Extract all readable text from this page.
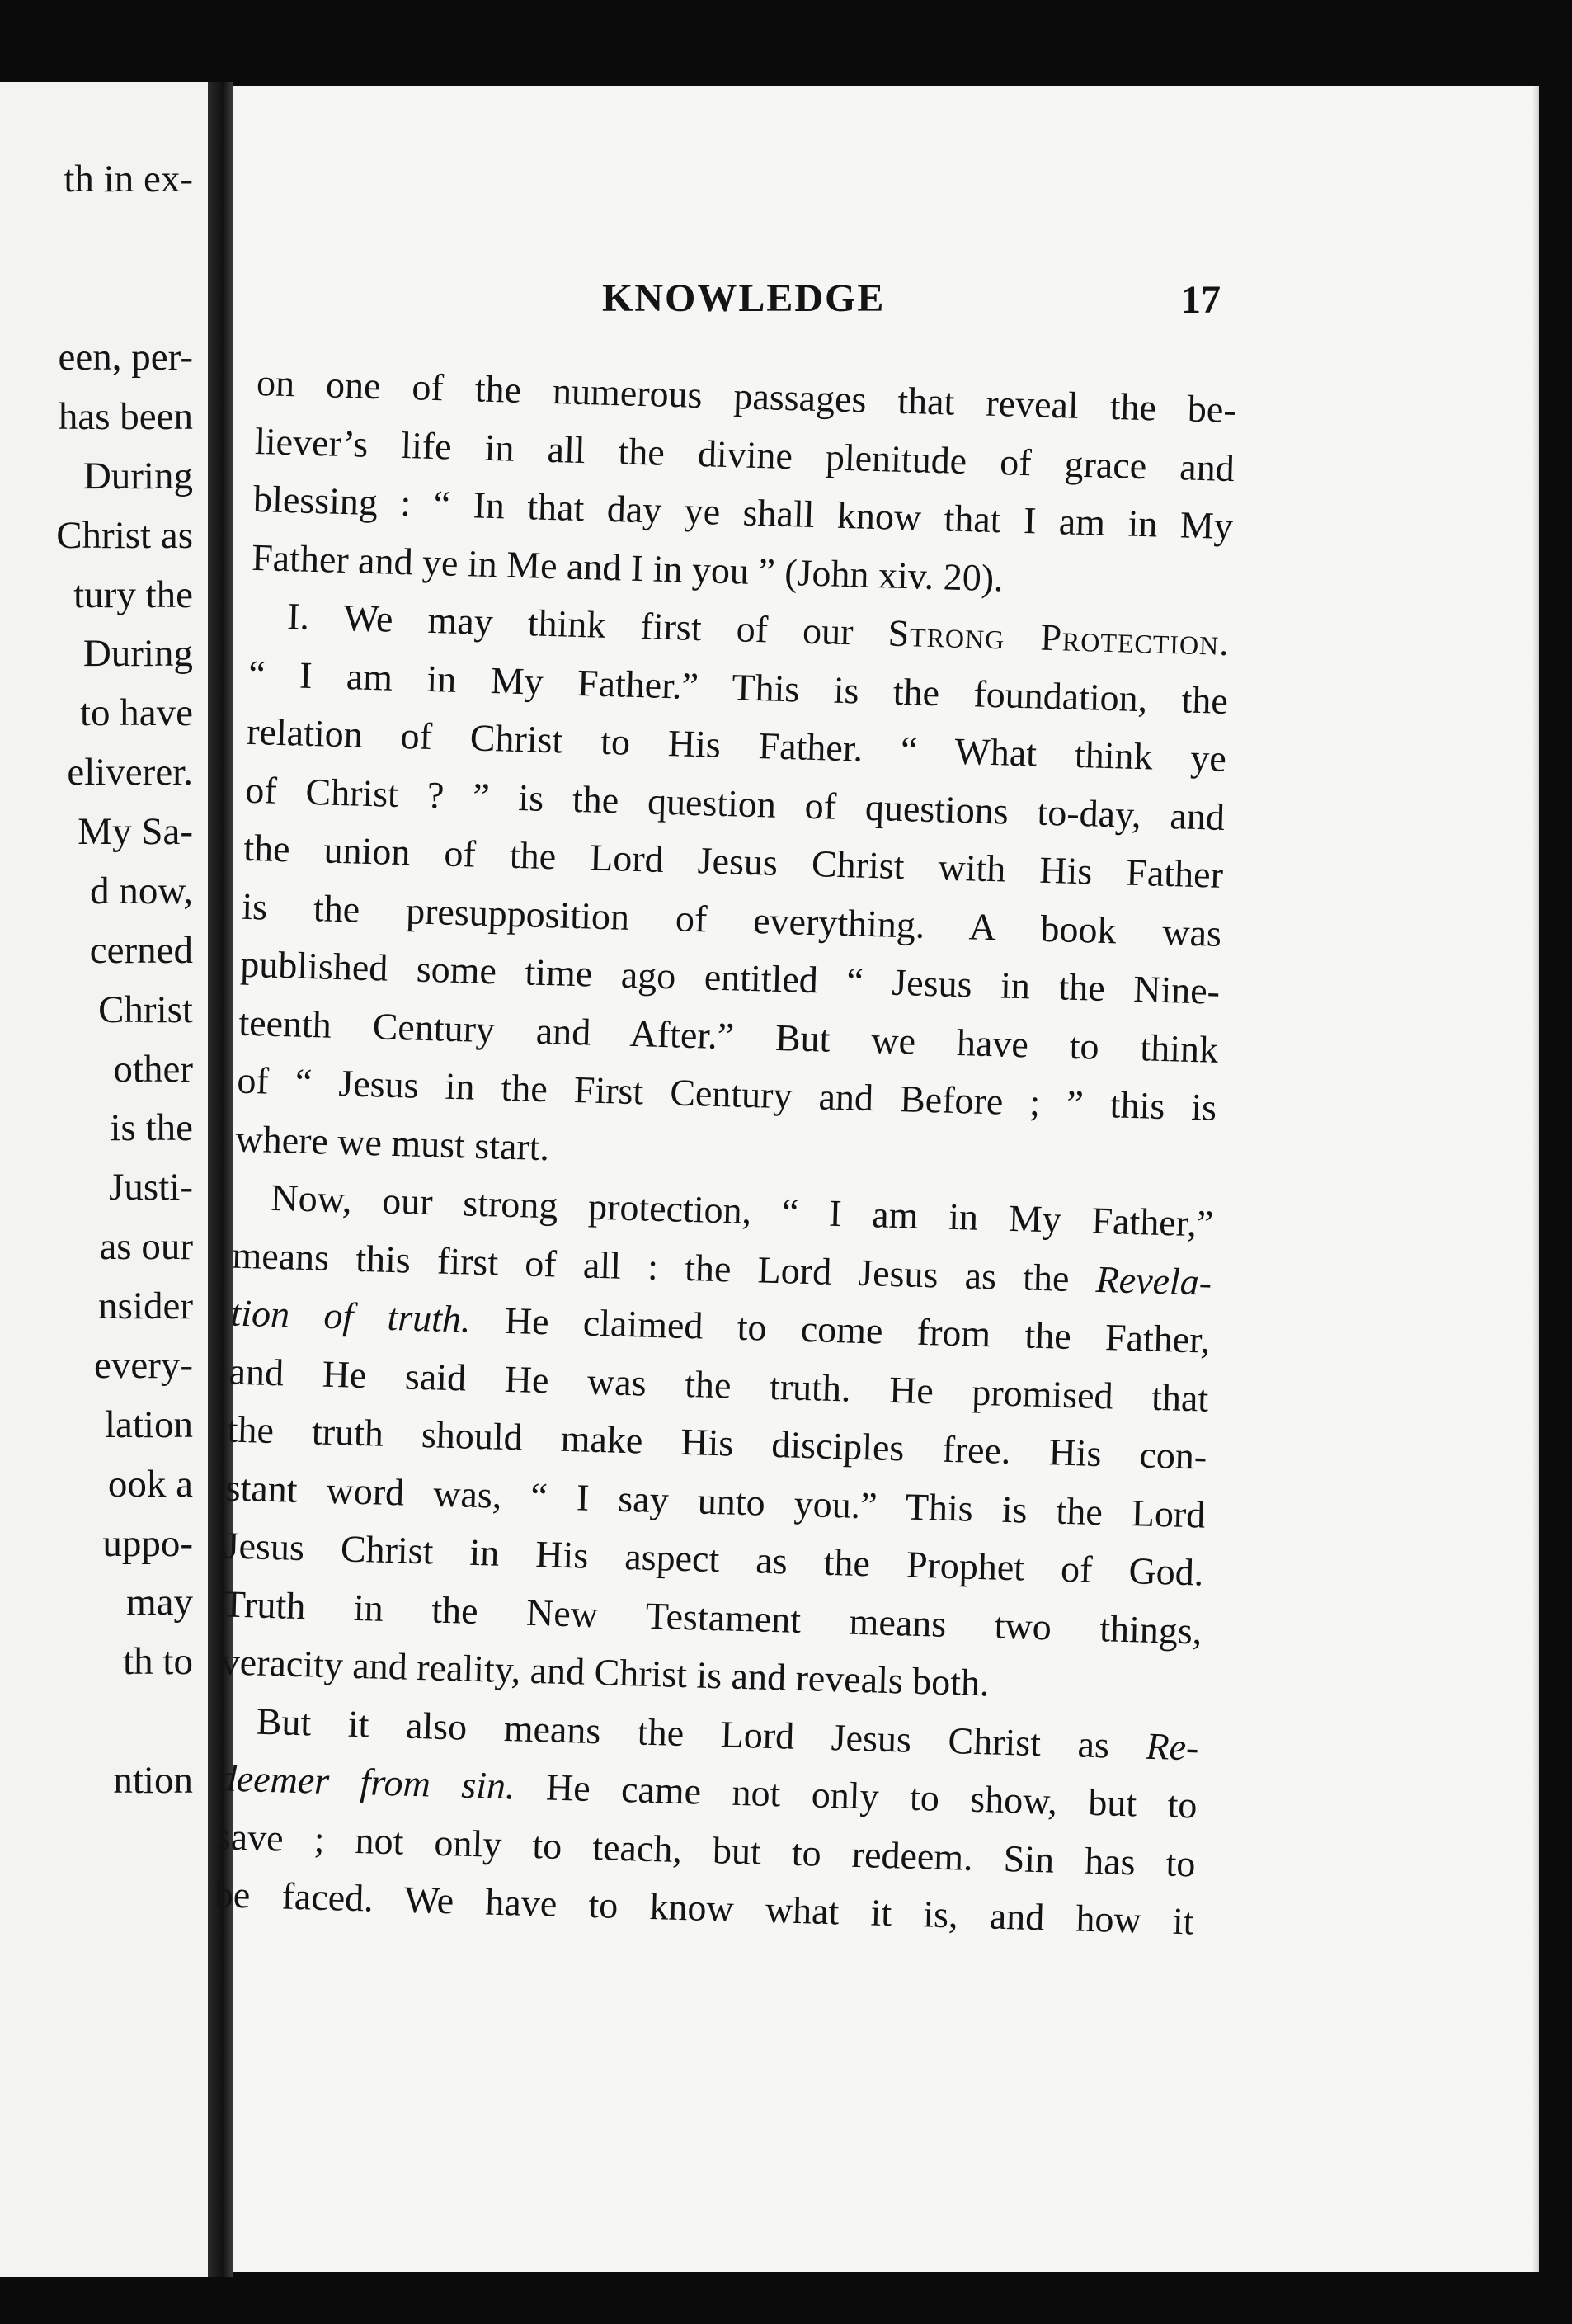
th in ex-

een, per-

has been

During

Christ as

tury the

During

to have

eliverer.

My Sa-

d now,

cerned

Christ

other

is the

Justi-

as our

nsider

every-

lation

ook a

uppo-

may

th to

ntion

KNOWLEDGE	17

on one of the numerous passages that reveal the be-

liever’s life in all the divine plenitude of grace and

blessing : “ In that day ye shall know that I am in My

Father and ye in Me and I in you ” (John xiv. 20).

I. We may think first of our Strong Protection.

“ I am in My Father.” This is the foundation, the

relation of Christ to His Father. “ What think ye

of Christ ? ” is the question of questions to-day, and

the union of the Lord Jesus Christ with His Father

is the presupposition of everything. A book was

published some time ago entitled “ Jesus in the Nine-

teenth Century and After.” But we have to think

of “ Jesus in the First Century and Before ; ” this is

where we must start.

Now, our strong protection, “ I am in My Father,”

means this first of all : the Lord Jesus as the Revela-

tion of truth. He claimed to come from the Father,

and He said He was the truth. He promised that

the truth should make His disciples free. His con-

stant word was, “ I say unto you.” This is the Lord

Jesus Christ in His aspect as the Prophet of God.

Truth in the New Testament means two things,

veracity and reality, and Christ is and reveals both.

But it also means the Lord Jesus Christ as Re-

deemer from sin. He came not only to show, but to

save ; not only to teach, but to redeem. Sin has to

be faced. We have to know what it is, and how it
